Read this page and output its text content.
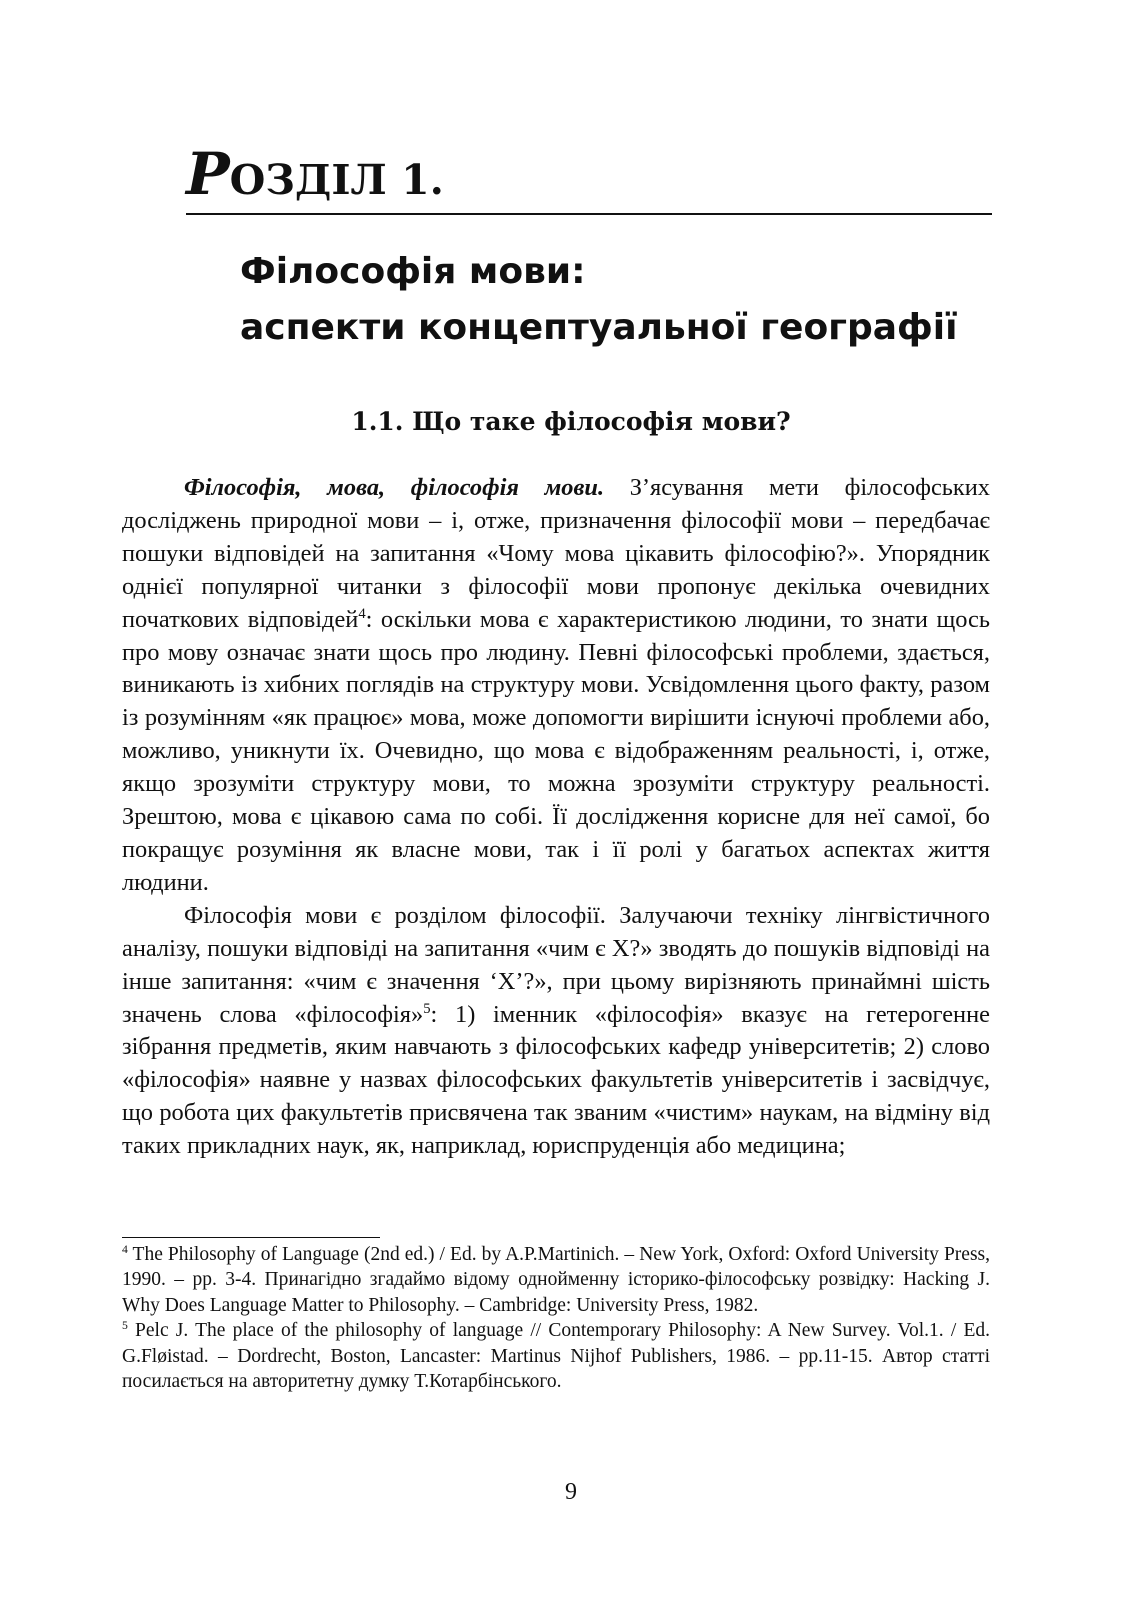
РОЗДІЛ 1.
Філософія мови:
аспекти концептуальної географії
1.1. Що таке філософія мови?

Філософія, мова, філософія мови. З’ясування мети філософських досліджень природної мови – і, отже, призначення філософії мови – передбачає пошуки відповідей на запитання «Чому мова цікавить філософію?». Упорядник однієї популярної читанки з філософії мови пропонує декілька очевидних початкових відповідей$^4$: оскільки мова є характеристикою людини, то знати щось про мову означає знати щось про людину. Певні філософські проблеми, здається, виникають із хибних поглядів на структуру мови. Усвідомлення цього факту, разом із розумінням «як працює» мова, може допомогти вирішити існуючі проблеми або, можливо, уникнути їх. Очевидно, що мова є відображенням реальності, і, отже, якщо зрозуміти структуру мови, то можна зрозуміти структуру реальності. Зрештою, мова є цікавою сама по собі. Її дослідження корисне для неї самої, бо покращує розуміння як власне мови, так і її ролі у багатьох аспектах життя людини.

Філософія мови є розділом філософії. Залучаючи техніку лінгвістичного аналізу, пошуки відповіді на запитання «чим є Х?» зводять до пошуків відповіді на інше запитання: «чим є значення ‘Х’?», при цьому вирізняють принаймні шість значень слова «філософія»$^5$: 1) іменник «філософія» вказує на гетерогенне зібрання предметів, яким навчають з філософських кафедр університетів; 2) слово «філософія» наявне у назвах філософських факультетів університетів і засвідчує, що робота цих факультетів присвячена так званим «чистим» наукам, на відміну від таких прикладних наук, як, наприклад, юриспруденція або медицина;

$^4$ The Philosophy of Language (2nd ed.) / Ed. by A.P.Martinich. – New York, Oxford: Oxford University Press, 1990. – pp. 3-4. Принагідно згадаймо відому однойменну історико-філософську розвідку: Hacking J. Why Does Language Matter to Philosophy. – Cambridge: University Press, 1982.

$^5$ Pelc J. The place of the philosophy of language // Contemporary Philosophy: A New Survey. Vol.1. / Ed. G.Fløistad. – Dordrecht, Boston, Lancaster: Martinus Nijhof Publishers, 1986. – pp.11-15. Автор статті посилається на авторитетну думку Т.Котарбінського.

9
